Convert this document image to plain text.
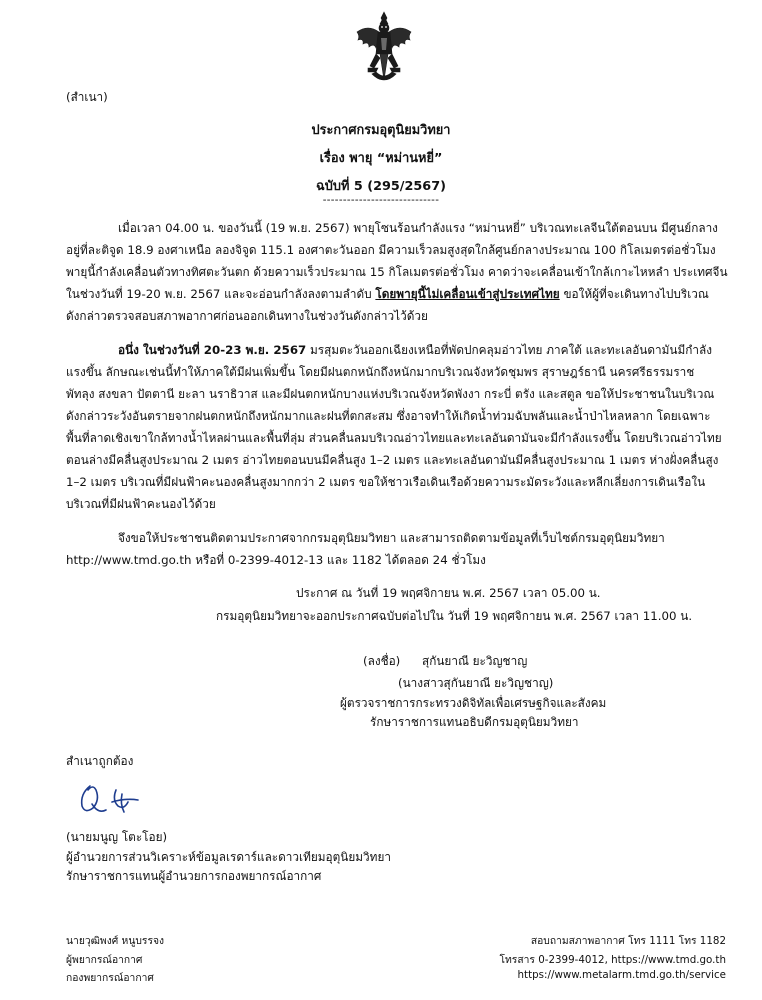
(สำเนา)
ประกาศกรมอุตุนิยมวิทยา
เรื่อง พายุ “หม่านหยี่”
ฉบับที่ 5 (295/2567)
-----------------------------
เมื่อเวลา 04.00 น. ของวันนี้ (19 พ.ย. 2567) พายุโซนร้อนกำลังแรง “หม่านหยี่” บริเวณทะเลจีนใต้ตอนบน มีศูนย์กลาง
อยู่ที่ละติจูด 18.9 องศาเหนือ ลองจิจูด 115.1 องศาตะวันออก มีความเร็วลมสูงสุดใกล้ศูนย์กลางประมาณ 100 กิโลเมตรต่อชั่วโมง
พายุนี้กำลังเคลื่อนตัวทางทิศตะวันตก ด้วยความเร็วประมาณ 15 กิโลเมตรต่อชั่วโมง คาดว่าจะเคลื่อนเข้าใกล้เกาะไหหลำ ประเทศจีน
ในช่วงวันที่ 19-20 พ.ย. 2567 และจะอ่อนกำลังลงตามลำดับ โดยพายุนี้ไม่เคลื่อนเข้าสู่ประเทศไทย ขอให้ผู้ที่จะเดินทางไปบริเวณ
ดังกล่าวตรวจสอบสภาพอากาศก่อนออกเดินทางในช่วงวันดังกล่าวไว้ด้วย
อนึ่ง ในช่วงวันที่ 20-23 พ.ย. 2567 มรสุมตะวันออกเฉียงเหนือที่พัดปกคลุมอ่าวไทย ภาคใต้ และทะเลอันดามันมีกำลัง
แรงขึ้น ลักษณะเช่นนี้ทำให้ภาคใต้มีฝนเพิ่มขึ้น โดยมีฝนตกหนักถึงหนักมากบริเวณจังหวัดชุมพร สุราษฎร์ธานี นครศรีธรรมราช
พัทลุง สงขลา ปัตตานี ยะลา นราธิวาส และมีฝนตกหนักบางแห่งบริเวณจังหวัดพังงา กระบี่ ตรัง และสตูล ขอให้ประชาชนในบริเวณ
ดังกล่าวระวังอันตรายจากฝนตกหนักถึงหนักมากและฝนที่ตกสะสม ซึ่งอาจทำให้เกิดน้ำท่วมฉับพลันและน้ำป่าไหลหลาก โดยเฉพาะ
พื้นที่ลาดเชิงเขาใกล้ทางน้ำไหลผ่านและพื้นที่ลุ่ม ส่วนคลื่นลมบริเวณอ่าวไทยและทะเลอันดามันจะมีกำลังแรงขึ้น โดยบริเวณอ่าวไทย
ตอนล่างมีคลื่นสูงประมาณ 2 เมตร อ่าวไทยตอนบนมีคลื่นสูง 1–2 เมตร และทะเลอันดามันมีคลื่นสูงประมาณ 1 เมตร ห่างฝั่งคลื่นสูง
1–2 เมตร บริเวณที่มีฝนฟ้าคะนองคลื่นสูงมากกว่า 2 เมตร ขอให้ชาวเรือเดินเรือด้วยความระมัดระวังและหลีกเลี่ยงการเดินเรือใน
บริเวณที่มีฝนฟ้าคะนองไว้ด้วย
จึงขอให้ประชาชนติดตามประกาศจากกรมอุตุนิยมวิทยา และสามารถติดตามข้อมูลที่เว็บไซต์กรมอุตุนิยมวิทยา
http://www.tmd.go.th หรือที่ 0-2399-4012-13 และ 1182 ได้ตลอด 24 ชั่วโมง
ประกาศ ณ วันที่ 19 พฤศจิกายน พ.ศ. 2567 เวลา 05.00 น.
กรมอุตุนิยมวิทยาจะออกประกาศฉบับต่อไปใน วันที่ 19 พฤศจิกายน พ.ศ. 2567 เวลา 11.00 น.
(ลงชื่อ) สุกันยาณี ยะวิญชาญ
(นางสาวสุกันยาณี ยะวิญชาญ)
ผู้ตรวจราชการกระทรวงดิจิทัลเพื่อเศรษฐกิจและสังคม
รักษาราชการแทนอธิบดีกรมอุตุนิยมวิทยา
สำเนาถูกต้อง
(นายมนูญ โตะโอย)
ผู้อำนวยการส่วนวิเคราะห์ข้อมูลเรดาร์และดาวเทียมอุตุนิยมวิทยา
รักษาราชการแทนผู้อำนวยการกองพยากรณ์อากาศ
นายวุฒิพงศ์ หนูบรรจง
ผู้พยากรณ์อากาศ
กองพยากรณ์อากาศ
สอบถามสภาพอากาศ โทร 1111 โทร 1182
โทรสาร 0-2399-4012, https://www.tmd.go.th
https://www.metalarm.tmd.go.th/service
